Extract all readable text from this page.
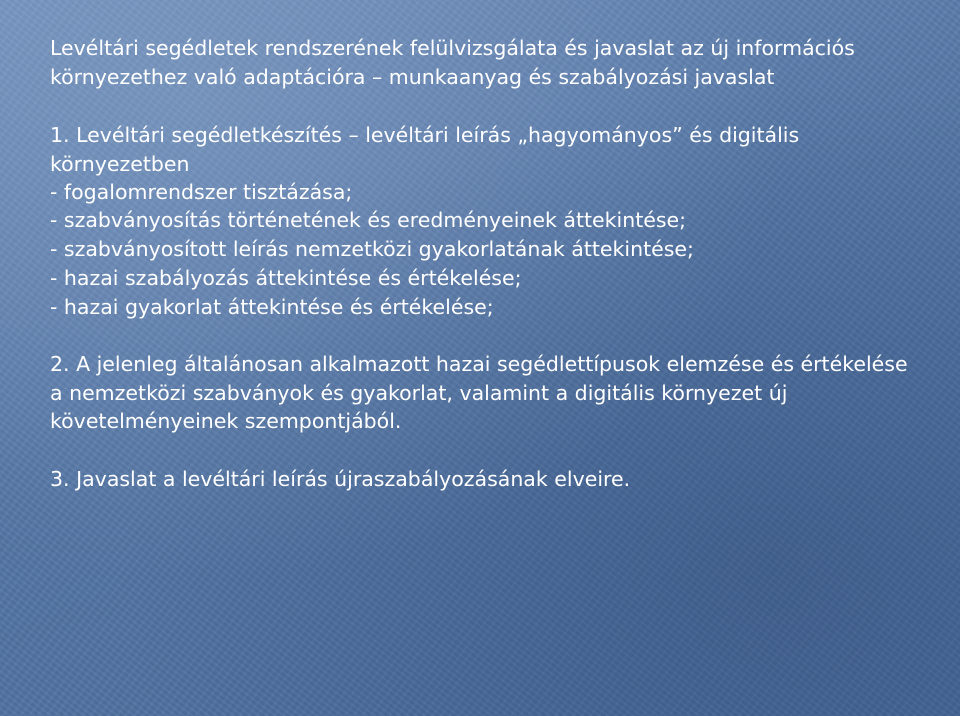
Levéltári segédletek rendszerének felülvizsgálata és javaslat az új információs
környezethez való adaptációra – munkaanyag és szabályozási javaslat
1. Levéltári segédletkészítés – levéltári leírás „hagyományos” és digitális
környezetben
- fogalomrendszer tisztázása;
- szabványosítás történetének és eredményeinek áttekintése;
- szabványosított leírás nemzetközi gyakorlatának áttekintése;
- hazai szabályozás áttekintése és értékelése;
- hazai gyakorlat áttekintése és értékelése;
2. A jelenleg általánosan alkalmazott hazai segédlettípusok elemzése és értékelése
a nemzetközi szabványok és gyakorlat, valamint a digitális környezet új
követelményeinek szempontjából.
3. Javaslat a levéltári leírás újraszabályozásának elveire.
